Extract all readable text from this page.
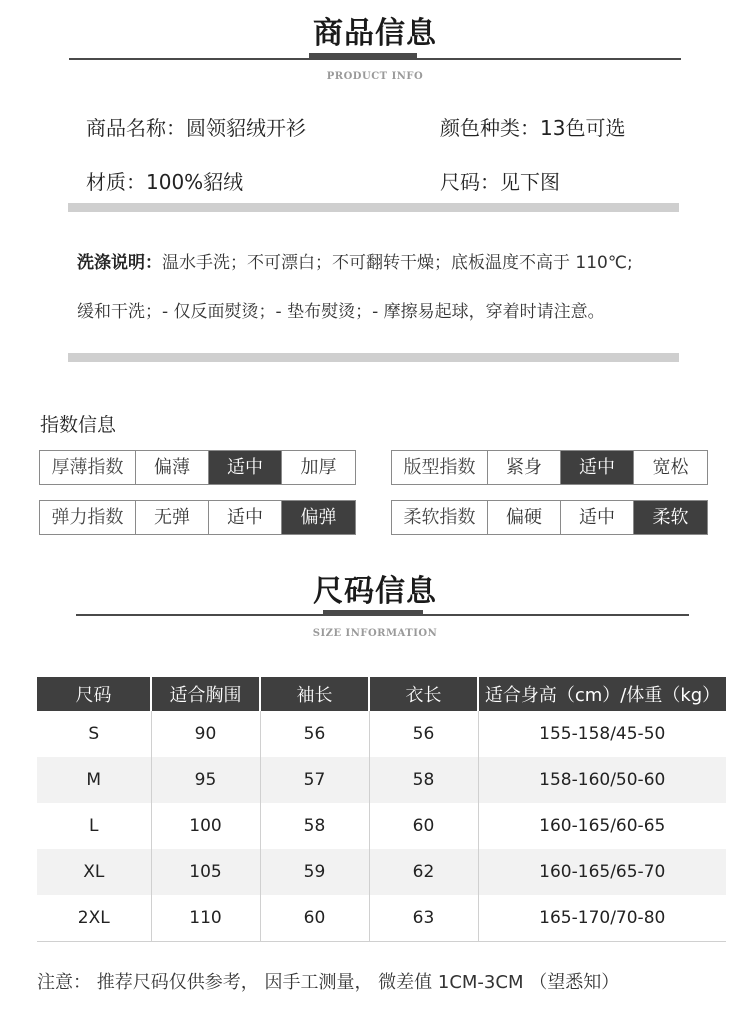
商品信息
PRODUCT INFO
商品名称：圆领貂绒开衫	颜色种类：13色可选
材质：100%貂绒	尺码：见下图
洗涤说明：温水手洗；不可漂白；不可翻转干燥；底板温度不高于 110℃;
缓和干洗；- 仅反面熨烫；- 垫布熨烫；- 摩擦易起球，穿着时请注意。
指数信息
厚薄指数	偏薄	适中	加厚	版型指数	紧身	适中	宽松
弹力指数	无弹	适中	偏弹	柔软指数	偏硬	适中	柔软
尺码信息
SIZE INFORMATION
尺码	适合胸围	袖长	衣长	适合身高（cm）/体重（kg）
S	90	56	56	155-158/45-50
M	95	57	58	158-160/50-60
L	100	58	60	160-165/60-65
XL	105	59	62	160-165/65-70
2XL	110	60	63	165-170/70-80
注意： 推荐尺码仅供参考， 因手工测量， 微差值 1CM-3CM （望悉知）
